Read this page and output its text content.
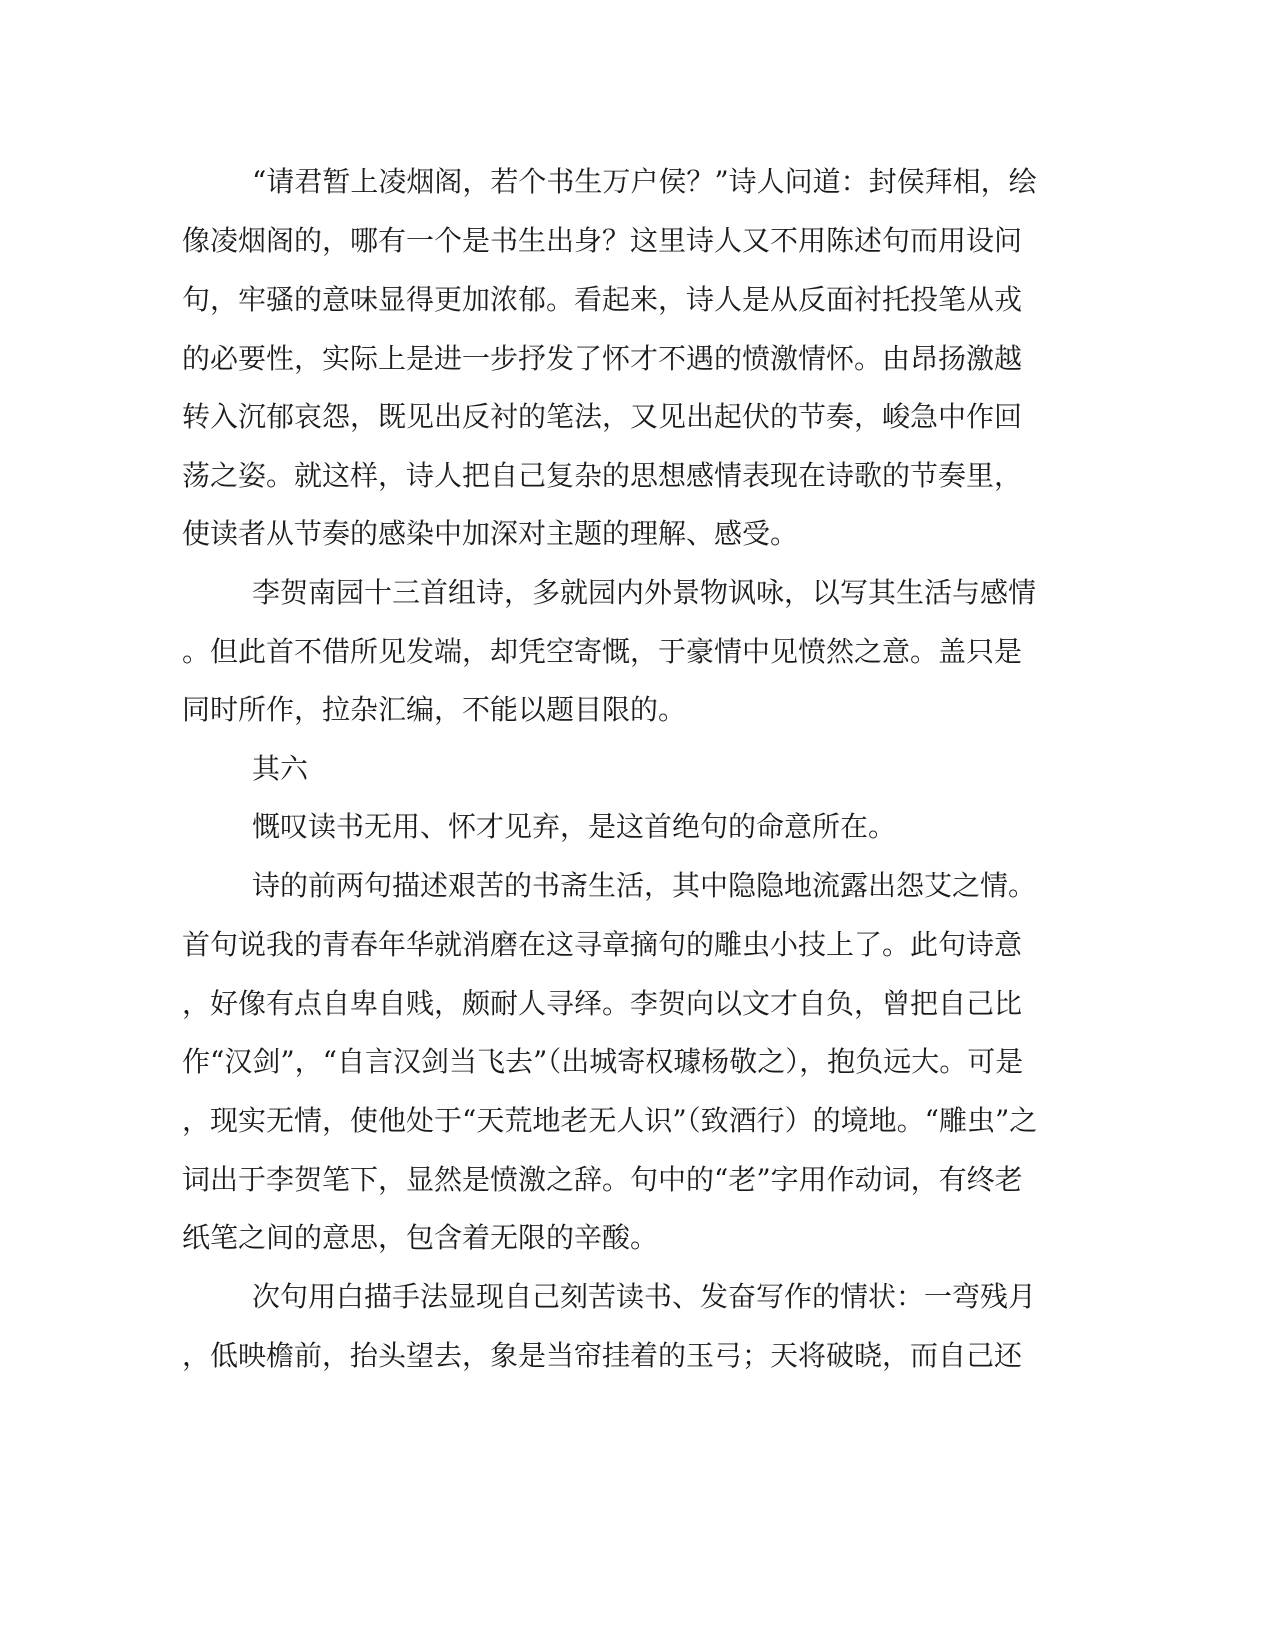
“请君暂上凌烟阁，若个书生万户侯？”诗人问道：封侯拜相，绘
像凌烟阁的，哪有一个是书生出身？这里诗人又不用陈述句而用设问
句，牢骚的意味显得更加浓郁。看起来，诗人是从反面衬托投笔从戎
的必要性，实际上是进一步抒发了怀才不遇的愤激情怀。由昂扬激越
转入沉郁哀怨，既见出反衬的笔法，又见出起伏的节奏，峻急中作回
荡之姿。就这样，诗人把自己复杂的思想感情表现在诗歌的节奏里，
使读者从节奏的感染中加深对主题的理解、感受。
李贺南园十三首组诗，多就园内外景物讽咏，以写其生活与感情
。但此首不借所见发端，却凭空寄慨，于豪情中见愤然之意。盖只是
同时所作，拉杂汇编，不能以题目限的。
其六
慨叹读书无用、怀才见弃，是这首绝句的命意所在。
诗的前两句描述艰苦的书斋生活，其中隐隐地流露出怨艾之情。
首句说我的青春年华就消磨在这寻章摘句的雕虫小技上了。此句诗意
，好像有点自卑自贱，颇耐人寻绎。李贺向以文才自负，曾把自己比
作“汉剑”，“自言汉剑当飞去”（出城寄权璩杨敬之），抱负远大。可是
，现实无情，使他处于“天荒地老无人识”（致酒行）的境地。“雕虫”之
词出于李贺笔下，显然是愤激之辞。句中的“老”字用作动词，有终老
纸笔之间的意思，包含着无限的辛酸。
次句用白描手法显现自己刻苦读书、发奋写作的情状：一弯残月
，低映檐前，抬头望去，象是当帘挂着的玉弓；天将破晓，而自己还
